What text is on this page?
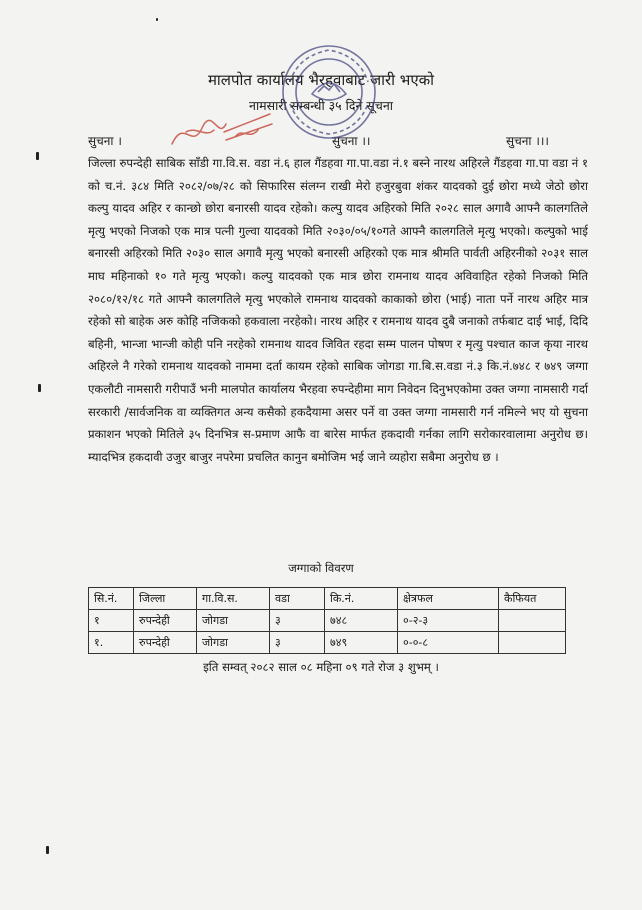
मालपोत कार्यालय भैरहवाबाट जारी भएको
नामसारी सम्बन्धी ३५ दिने सूचना
सुचना ।	सुचना ।।	सुचना ।।।
जिल्ला रुपन्देही साबिक साँडी गा.वि.स. वडा नं.६ हाल गैंडहवा गा.पा.वडा नं.१ बस्ने नारथ अहिरले गैंडहवा गा.पा वडा नं १ को च.नं. ३८४ मिति २०८२/०७/२८ को सिफारिस संलग्न राखी मेरो हजुरबुवा शंकर यादवको दुई छोरा मध्ये जेठो छोरा कल्पु यादव अहिर र कान्छो छोरा बनारसी यादव रहेको। कल्पु यादव अहिरको मिति २०२८ साल अगावै आफ्नै कालगतिले मृत्यु भएको निजको एक मात्र पत्नी गुल्वा यादवको मिति २०३०/०५/१०गते आफ्नै कालगतिले मृत्यु भएको। कल्पुको भाई बनारसी अहिरको मिति २०३० साल अगावै मृत्यु भएको बनारसी अहिरको एक मात्र श्रीमति पार्वती अहिरनीको २०३१ साल माघ महिनाको १० गते मृत्यु भएको। कल्पु यादवको एक मात्र छोरा रामनाथ यादव अविवाहित रहेको निजको मिति २०८०/१२/१८ गते आफ्नै कालगतिले मृत्यु भएकोले रामनाथ यादवको काकाको छोरा (भाई) नाता पर्ने नारथ अहिर मात्र रहेको सो बाहेक अरु कोहि नजिकको हकवाला नरहेको। नारथ अहिर र रामनाथ यादव दुबै जनाको तर्फबाट दाई भाई, दिदि बहिनी, भान्जा भान्जी कोही पनि नरहेको रामनाथ यादव जिवित रहदा सम्म पालन पोषण र मृत्यु पश्चात काज कृया नारथ अहिरले नै गरेको रामनाथ यादवको नाममा दर्ता कायम रहेको साबिक जोगडा गा.बि.स.वडा नं.३ कि.नं.७४८ र ७४९ जग्गा एकलौटी नामसारी गरीपाउँ भनी मालपोत कार्यालय भैरहवा रुपन्देहीमा माग निवेदन दिनुभएकोमा उक्त जग्गा नामसारी गर्दा सरकारी /सार्वजनिक वा व्यक्तिगत अन्य कसैको हकदैयामा असर पर्ने वा उक्त जग्गा नामसारी गर्न नमिल्ने भए यो सुचना प्रकाशन भएको मितिले ३५ दिनभित्र स-प्रमाण आफै वा बारेस मार्फत हकदावी गर्नका लागि सरोकारवालामा अनुरोध छ।म्यादभित्र हकदावी उजुर बाजुर नपरेमा प्रचलित कानुन बमोजिम भई जाने व्यहोरा सबैमा अनुरोध छ ।
जग्गाको विवरण
सि.नं.	जिल्ला	गा.वि.स.	वडा	कि.नं.	क्षेत्रफल	कैफियत
१	रुपन्देही	जोगडा	३	७४८	०-२-३	
१.	रुपन्देही	जोगडा	३	७४९	०-०-८	
इति सम्वत् २०८२ साल ०८ महिना ०९ गते रोज ३ शुभम् ।
